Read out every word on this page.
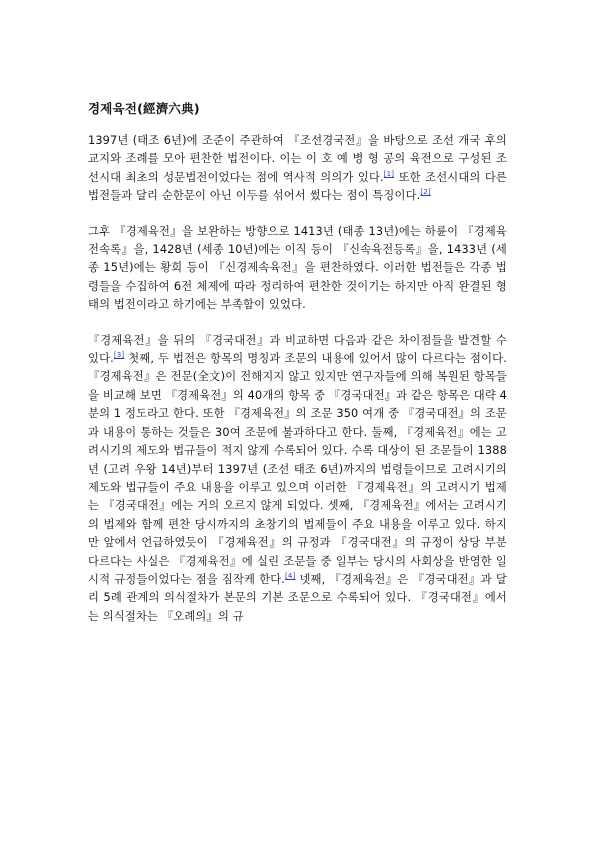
경제육전(經濟六典)

1397년 (태조 6년)에 조준이 주관하여 『조선경국전』을 바탕으로 조선 개국 후의 교지와 조례를 모아 편찬한 법전이다. 이는 이 호 예 병 형 공의 육전으로 구성된 조선시대 최초의 성문법전이었다는 점에 역사적 의의가 있다.[1] 또한 조선시대의 다른 법전들과 달리 순한문이 아닌 이두를 섞어서 썼다는 점이 특징이다.[2]

그후 『경제육전』을 보완하는 방향으로 1413년 (태종 13년)에는 하륜이 『경제육전속록』을, 1428년 (세종 10년)에는 이직 등이 『신속육전등록』을, 1433년 (세종 15년)에는 황희 등이 『신경제속육전』을 편찬하였다. 이러한 법전들은 각종 법령들을 수집하여 6전 체제에 따라 정리하여 편찬한 것이기는 하지만 아직 완결된 형태의 법전이라고 하기에는 부족함이 있었다.

『경제육전』을 뒤의 『경국대전』과 비교하면 다음과 같은 차이점들을 발견할 수 있다.[3] 첫째, 두 법전은 항목의 명칭과 조문의 내용에 있어서 많이 다르다는 점이다. 『경제육전』은 전문(全文)이 전해지지 않고 있지만 연구자들에 의해 복원된 항목들을 비교해 보면 『경제육전』의 40개의 항목 중 『경국대전』과 같은 항목은 대략 4분의 1 정도라고 한다. 또한 『경제육전』의 조문 350 여개 중 『경국대전』의 조문과 내용이 통하는 것들은 30여 조문에 불과하다고 한다. 둘째, 『경제육전』에는 고려시기의 제도와 법규들이 적지 않게 수록되어 있다. 수록 대상이 된 조문들이 1388년 (고려 우왕 14년)부터 1397년 (조선 태조 6년)까지의 법령들이므로 고려시기의 제도와 법규들이 주요 내용을 이루고 있으며 이러한 『경제육전』의 고려시기 법제는 『경국대전』에는 거의 오르지 않게 되었다. 셋째, 『경제육전』에서는 고려시기의 법제와 함께 편찬 당시까지의 초창기의 법제들이 주요 내용을 이루고 있다. 하지만 앞에서 언급하였듯이 『경제육전』의 규정과 『경국대전』의 규정이 상당 부분 다르다는 사실은 『경제육전』에 실린 조문들 중 일부는 당시의 사회상을 반영한 일시적 규정들이었다는 점을 짐작케 한다.[4] 넷째, 『경제육전』은 『경국대전』과 달리 5례 관계의 의식절차가 본문의 기본 조문으로 수록되어 있다. 『경국대전』에서는 의식절차는 『오례의』의 규
